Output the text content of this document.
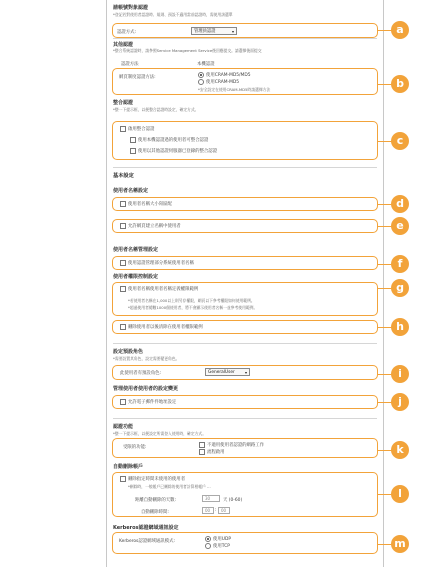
請帳號對象認證
*登記若對使用者認證時、規則、預設不適用當前認證時，需使用該選單
認證方式:	管理員認證	▾
其他認證
*整合系統認證時，請參照Service Management Service後回應提交。請選擇後面提交
認證方法	本機認證
網頁制度認證方法:	使用CRAM-MD5/MD5
使用CRAM-MD5
*安全設定在使用CRAM-MD5時請選擇方法
整合認證
*整一下提示框，以便整合認證時設定，確定方式。
啟用整合認證
使用本機認證過的使用者可整合認證
使用以其他認證伺服器已登錄的整合認證
基本設定
使用者名稱設定
使用者名稱大小寫區配
允許網頁建立名稱中使用者
使用者名稱管理設定
使用認證管理部分系統使用者名稱
使用者權限控制設定
使用者名稱使用者名稱定義權限範例
*若使用者名稱在1,000以上則另存權限，網頁以下參考權限如何使用範例。
*超過使用者總數1000個使用者，將不會顯示使用者名稱一並參考使用範例。
刪除使用者以後清除在使用者權限範例
設定預設角色
*需要設置其角色，設定需要變更角色。
此使用者有預設角色:	GeneralUser	▾
管理使用者使用者的設定變更
允許電子郵件件地址設定
認證功能
*整一下提示框，以便設定所需登入使用時，確定方式。
受限的功能:	不適用使用者認證的網路工作
流程啟用
自動刪除帳戶
刪除指定時間未使用的使用者
*刪除時，一般帳戶已刪除的使用者計算相帳戶 ...
距離自動刪除的天數:	30	天 (0-60)
自動刪除時間:	00	:	00
Kerberos認證網域通訊設定
Kerberos認證網域通訊模式:	使用UDP
使用TCP
a
b
c
d
e
f
g
h
i
j
k
l
m
